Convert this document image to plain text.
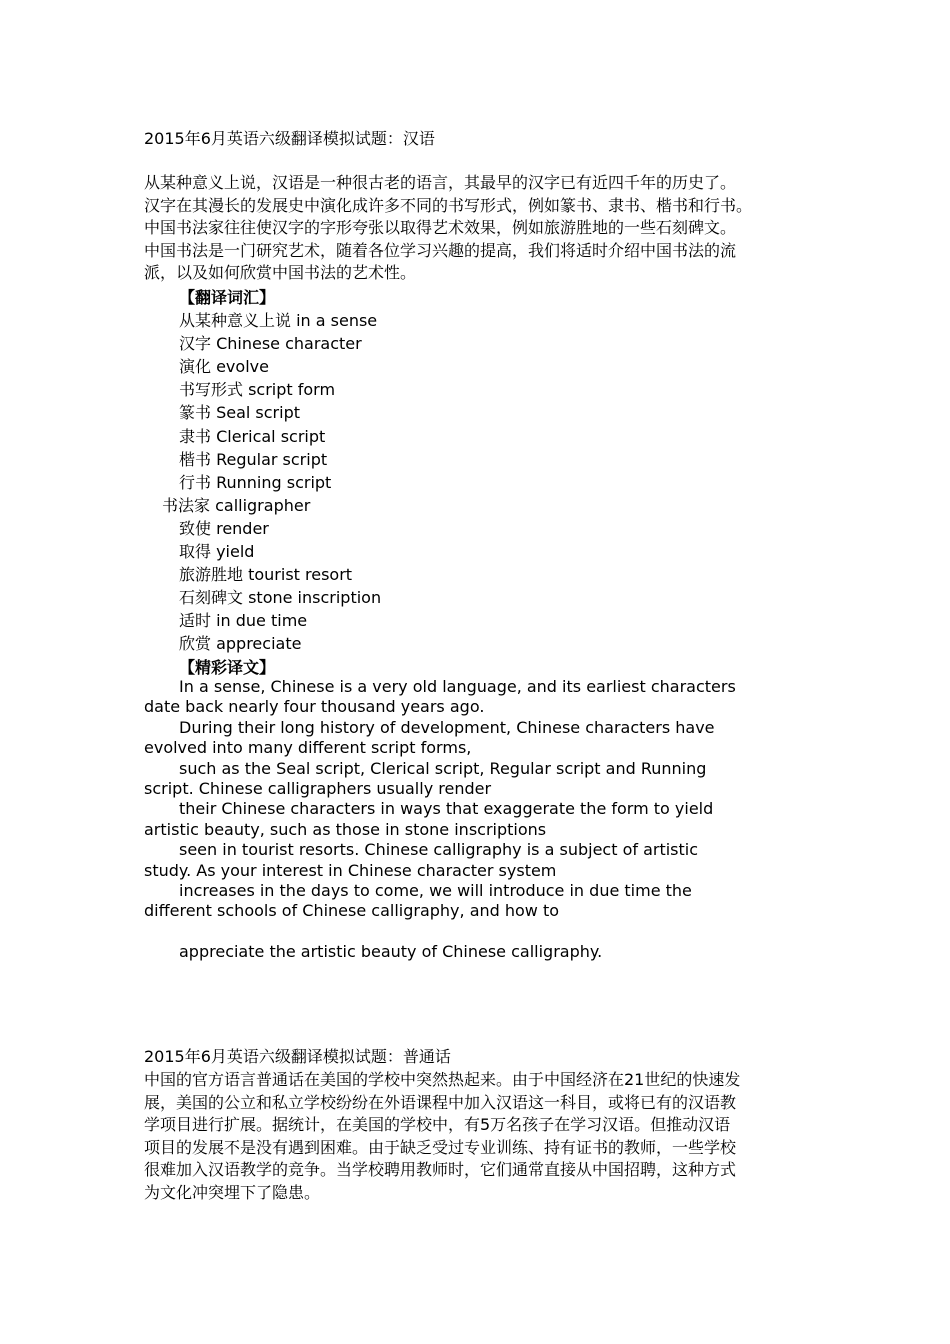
2015年6月英语六级翻译模拟试题：汉语
从某种意义上说，汉语是一种很古老的语言，其最早的汉字已有近四千年的历史了。
汉字在其漫长的发展史中演化成许多不同的书写形式，例如篆书、隶书、楷书和行书。
中国书法家往往使汉字的字形夸张以取得艺术效果，例如旅游胜地的一些石刻碑文。
中国书法是一门研究艺术，随着各位学习兴趣的提高，我们将适时介绍中国书法的流
派，以及如何欣赏中国书法的艺术性。
【翻译词汇】
从某种意义上说 in a sense
汉字 Chinese character
演化 evolve
书写形式 script form
篆书 Seal script
隶书 Clerical script
楷书 Regular script
行书 Running script
书法家 calligrapher
致使 render
取得 yield
旅游胜地 tourist resort
石刻碑文 stone inscription
适时 in due time
欣赏 appreciate
【精彩译文】
In a sense, Chinese is a very old language, and its earliest characters
date back nearly four thousand years ago.
During their long history of development, Chinese characters have
evolved into many different script forms,
such as the Seal script, Clerical script, Regular script and Running
script. Chinese calligraphers usually render
their Chinese characters in ways that exaggerate the form to yield
artistic beauty, such as those in stone inscriptions
seen in tourist resorts. Chinese calligraphy is a subject of artistic
study. As your interest in Chinese character system
increases in the days to come, we will introduce in due time the
different schools of Chinese calligraphy, and how to
appreciate the artistic beauty of Chinese calligraphy.
2015年6月英语六级翻译模拟试题：普通话
中国的官方语言普通话在美国的学校中突然热起来。由于中国经济在21世纪的快速发
展，美国的公立和私立学校纷纷在外语课程中加入汉语这一科目，或将已有的汉语教
学项目进行扩展。据统计，在美国的学校中，有5万名孩子在学习汉语。但推动汉语
项目的发展不是没有遇到困难。由于缺乏受过专业训练、持有证书的教师，一些学校
很难加入汉语教学的竞争。当学校聘用教师时，它们通常直接从中国招聘，这种方式
为文化冲突埋下了隐患。
